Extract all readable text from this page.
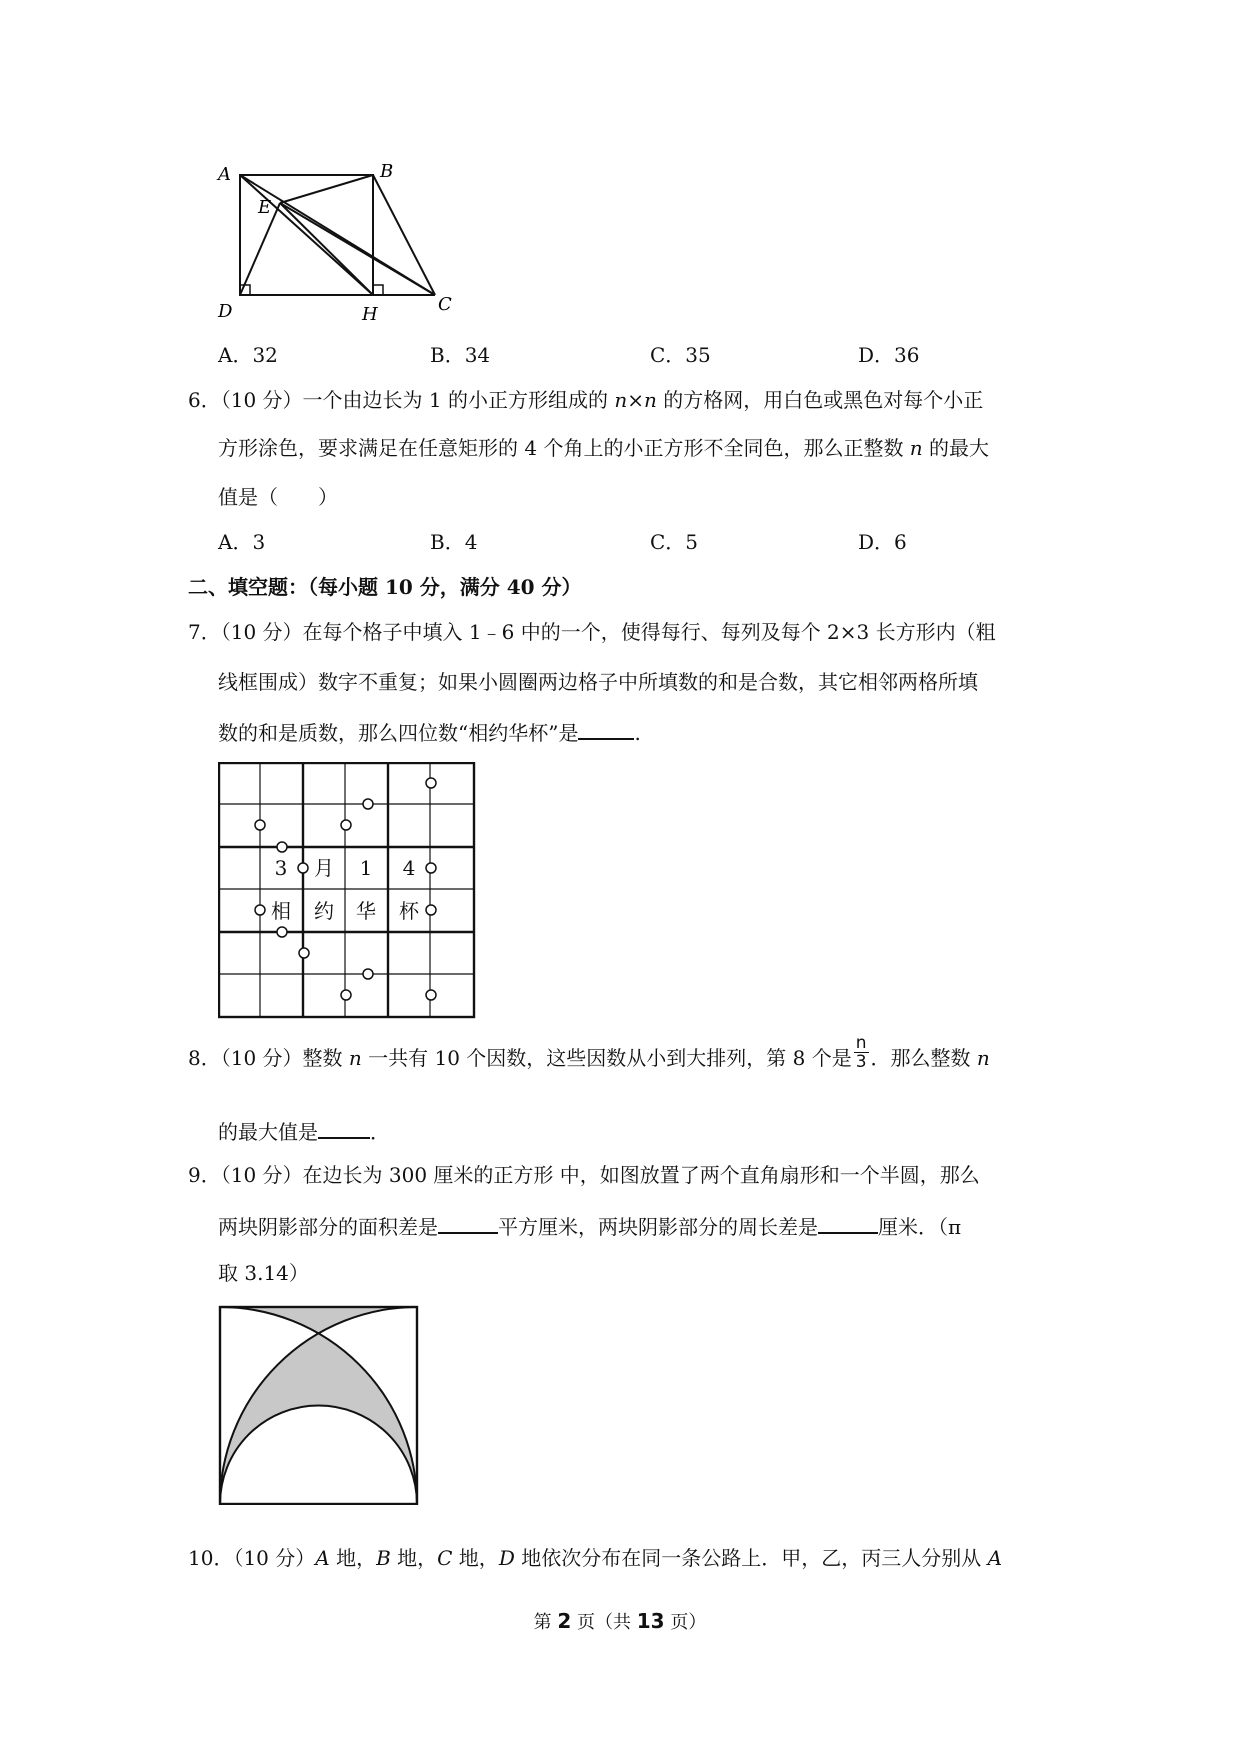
A	B
E
D	H	C
A．32	B．34	C．35	D．36
6．（10 分）一个由边长为 1 的小正方形组成的 n×n 的方格网，用白色或黑色对每个小正
方形涂色，要求满足在任意矩形的 4 个角上的小正方形不全同色，那么正整数 n 的最大
值是（　　）
A．3	B．4	C．5	D．6
二、填空题：（每小题 10 分，满分 40 分）
7．（10 分）在每个格子中填入 1﹣6 中的一个，使得每行、每列及每个 2×3 长方形内（粗
线框围成）数字不重复；如果小圆圈两边格子中所填数的和是合数，其它相邻两格所填
数的和是质数，那么四位数“相约华杯”是	.
3 月 1 4
相 约 华 杯
8．（10 分）整数 n 一共有 10 个因数，这些因数从小到大排列，第 8 个是 $\frac{n}{3}$ ．那么整数 n
的最大值是	．
9．（10 分）在边长为 300 厘米的正方形 中，如图放置了两个直角扇形和一个半圆，那么
两块阴影部分的面积差是	平方厘米，两块阴影部分的周长差是	厘米．（π
取 3.14）
10．（10 分）A 地，B 地，C 地，D 地依次分布在同一条公路上．甲，乙，丙三人分别从 A
第 2 页（共 13 页）
